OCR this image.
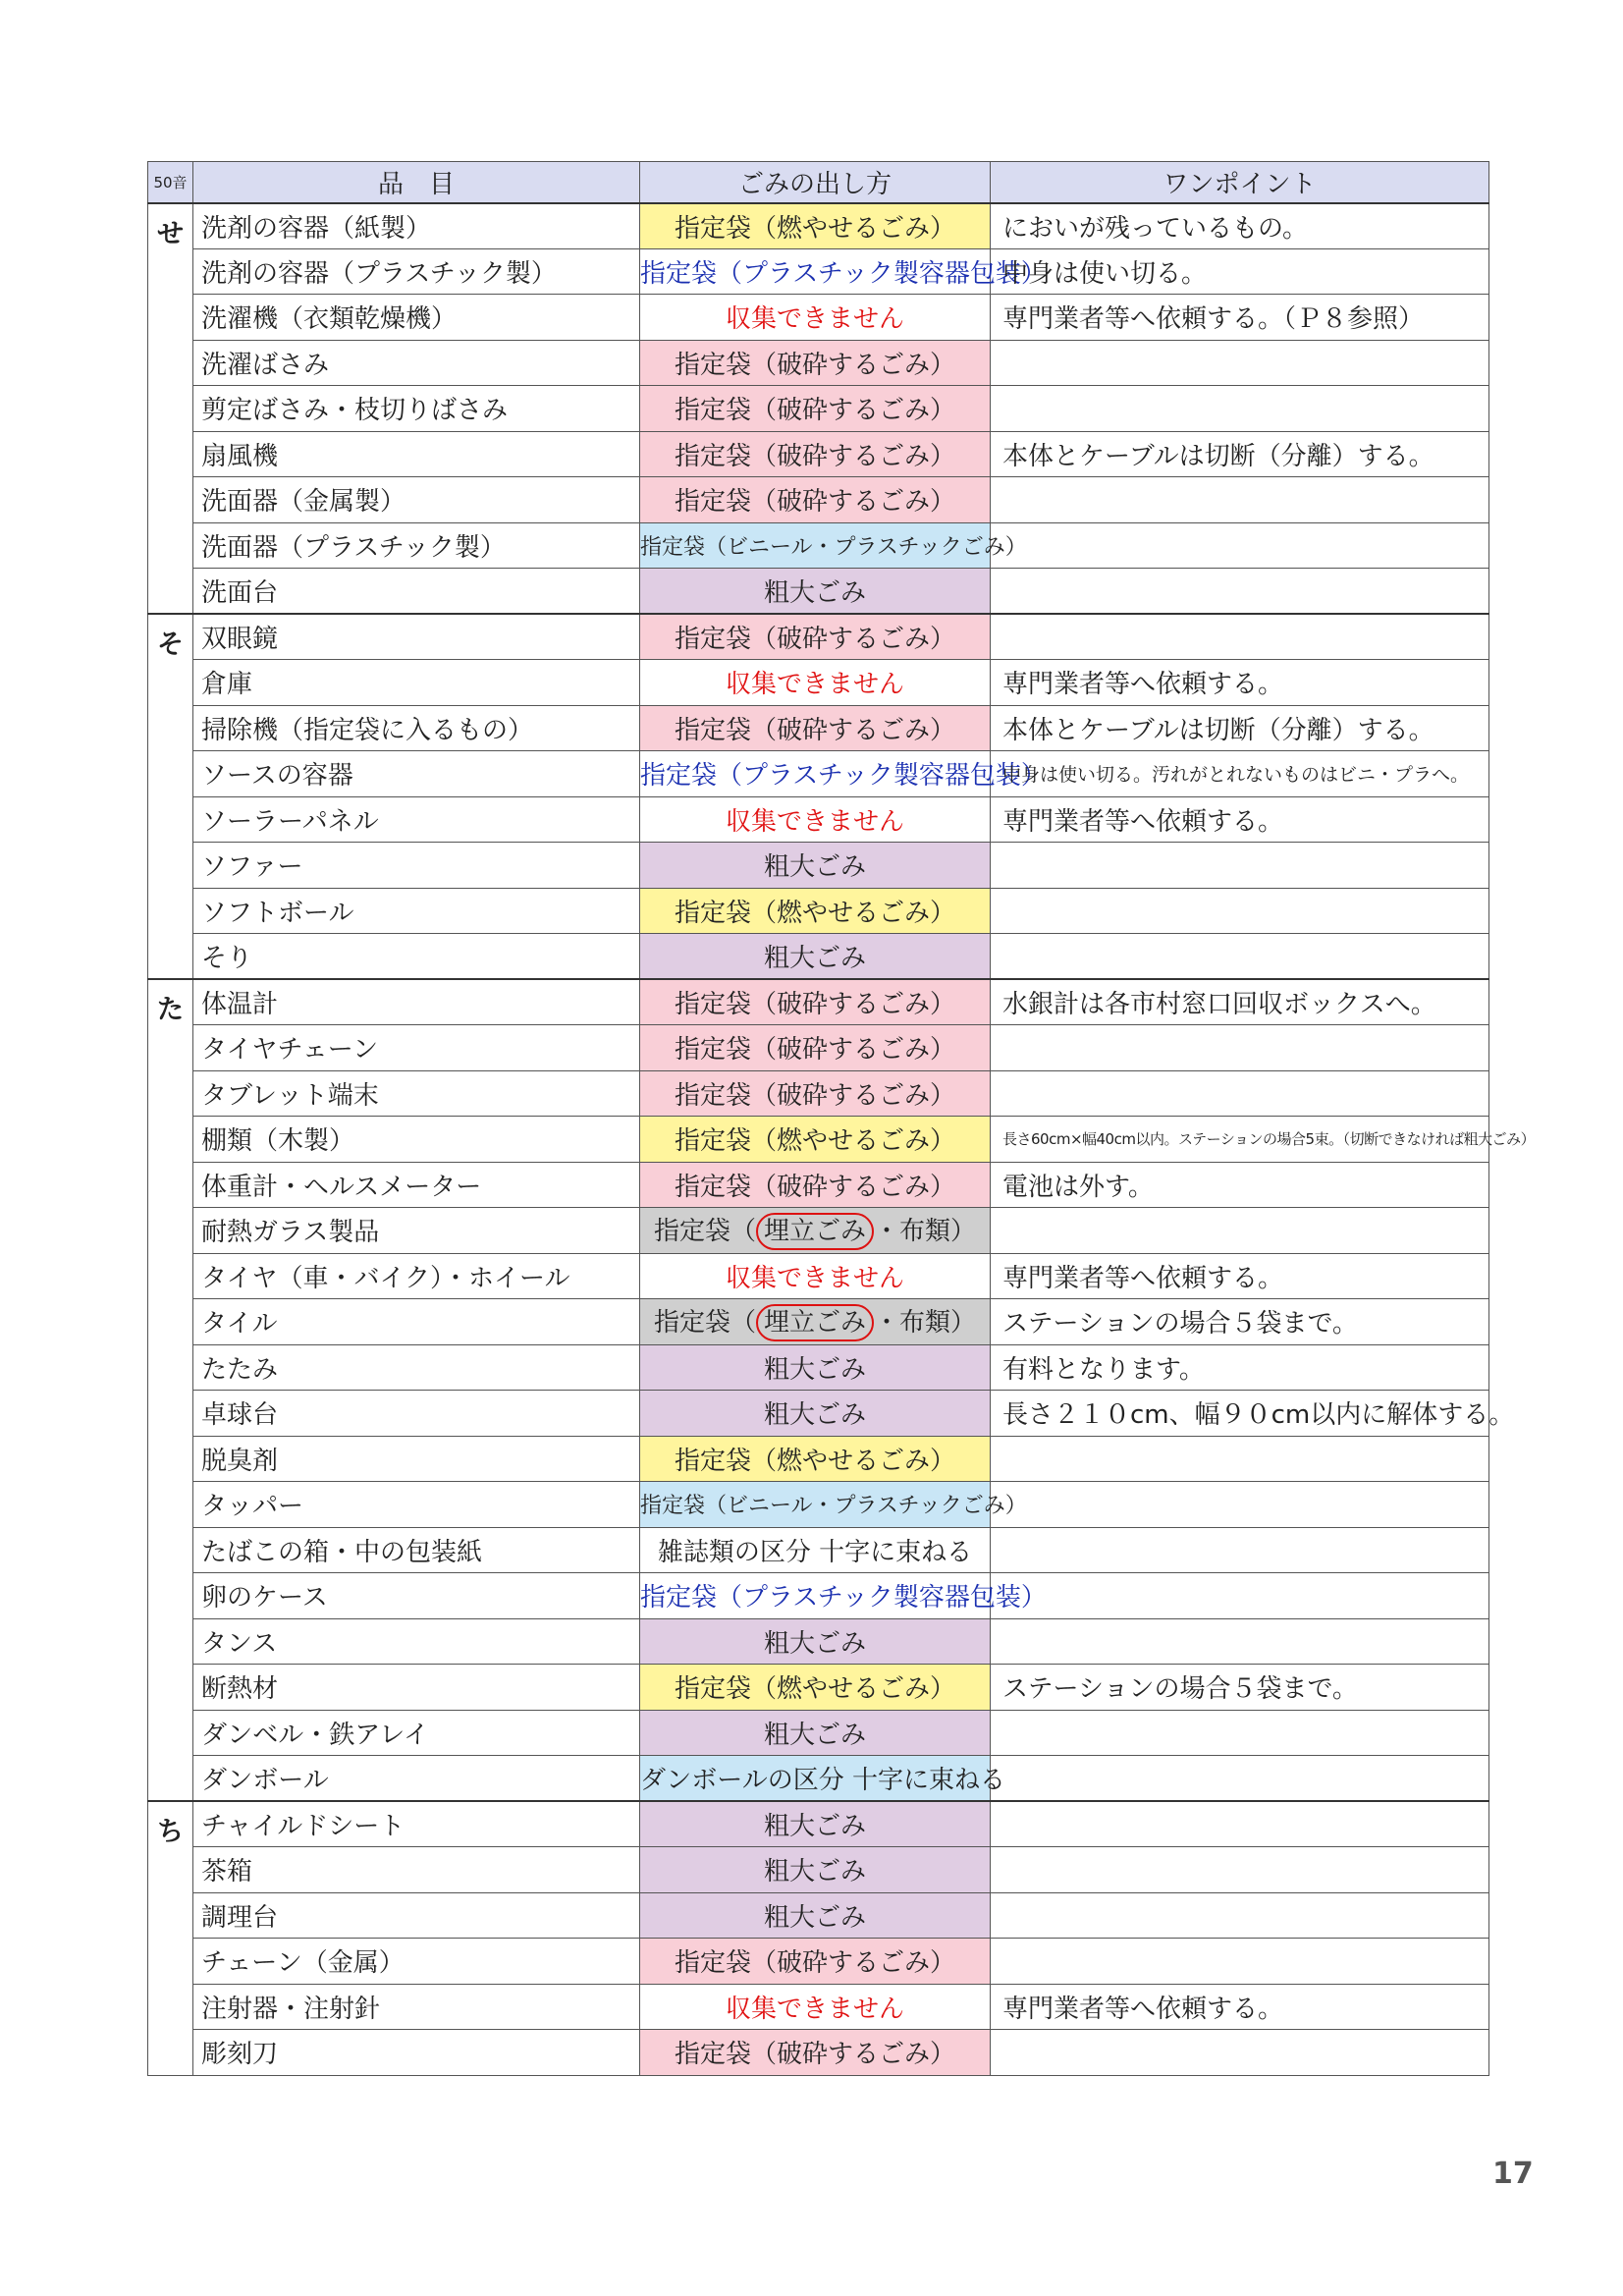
50音	品　目	ごみの出し方	ワンポイント
せ	洗剤の容器（紙製）	指定袋（燃やせるごみ）	においが残っているもの。
	洗剤の容器（プラスチック製）	指定袋（プラスチック製容器包装）	中身は使い切る。
	洗濯機（衣類乾燥機）	収集できません	専門業者等へ依頼する。（Ｐ８参照）
	洗濯ばさみ	指定袋（破砕するごみ）	
	剪定ばさみ・枝切りばさみ	指定袋（破砕するごみ）	
	扇風機	指定袋（破砕するごみ）	本体とケーブルは切断（分離）する。
	洗面器（金属製）	指定袋（破砕するごみ）	
	洗面器（プラスチック製）	指定袋（ビニール・プラスチックごみ）	
	洗面台	粗大ごみ	
そ	双眼鏡	指定袋（破砕するごみ）	
	倉庫	収集できません	専門業者等へ依頼する。
	掃除機（指定袋に入るもの）	指定袋（破砕するごみ）	本体とケーブルは切断（分離）する。
	ソースの容器	指定袋（プラスチック製容器包装）	中身は使い切る。汚れがとれないものはビニ・プラへ。
	ソーラーパネル	収集できません	専門業者等へ依頼する。
	ソファー	粗大ごみ	
	ソフトボール	指定袋（燃やせるごみ）	
	そり	粗大ごみ	
た	体温計	指定袋（破砕するごみ）	水銀計は各市村窓口回収ボックスへ。
	タイヤチェーン	指定袋（破砕するごみ）	
	タブレット端末	指定袋（破砕するごみ）	
	棚類（木製）	指定袋（燃やせるごみ）	長さ60cm×幅40cm以内。ステーションの場合5束。（切断できなければ粗大ごみ）
	体重計・ヘルスメーター	指定袋（破砕するごみ）	電池は外す。
	耐熱ガラス製品	指定袋（ 埋立ごみ ・布類）	
	タイヤ（車・バイク）・ホイール	収集できません	専門業者等へ依頼する。
	タイル	指定袋（ 埋立ごみ ・布類）	ステーションの場合５袋まで。
	たたみ	粗大ごみ	有料となります。
	卓球台	粗大ごみ	長さ２１０cm、幅９０cm以内に解体する。
	脱臭剤	指定袋（燃やせるごみ）	
	タッパー	指定袋（ビニール・プラスチックごみ）	
	たばこの箱・中の包装紙	雑誌類の区分 十字に束ねる	
	卵のケース	指定袋（プラスチック製容器包装）	
	タンス	粗大ごみ	
	断熱材	指定袋（燃やせるごみ）	ステーションの場合５袋まで。
	ダンベル・鉄アレイ	粗大ごみ	
	ダンボール	ダンボールの区分 十字に束ねる	
ち	チャイルドシート	粗大ごみ	
	茶箱	粗大ごみ	
	調理台	粗大ごみ	
	チェーン（金属）	指定袋（破砕するごみ）	
	注射器・注射針	収集できません	専門業者等へ依頼する。
	彫刻刀	指定袋（破砕するごみ）	
17
